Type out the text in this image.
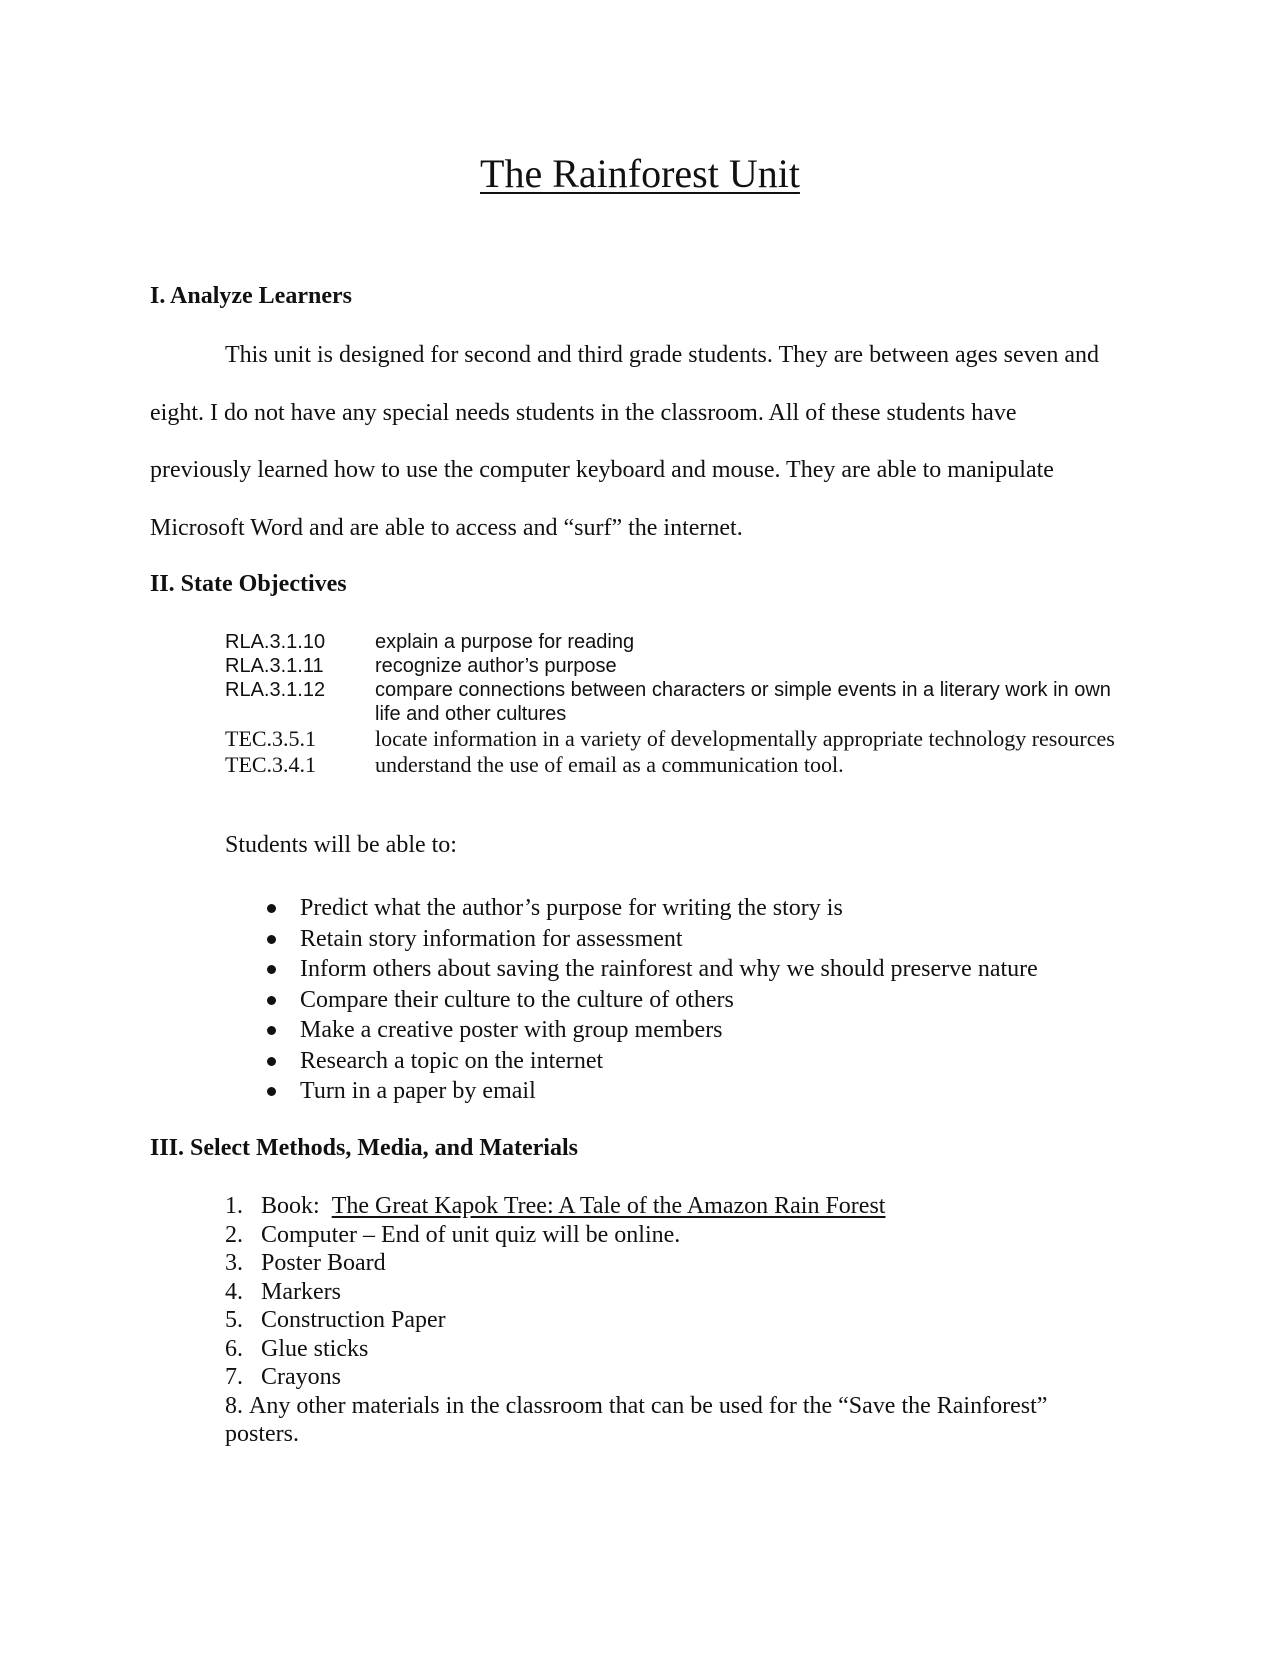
The Rainforest Unit
I. Analyze Learners
This unit is designed for second and third grade students. They are between ages seven and eight. I do not have any special needs students in the classroom. All of these students have previously learned how to use the computer keyboard and mouse. They are able to manipulate Microsoft Word and are able to access and “surf” the internet.
II. State Objectives
RLA.3.1.10	explain a purpose for reading
RLA.3.1.11	recognize author’s purpose
RLA.3.1.12	compare connections between characters or simple events in a literary work in own life and other cultures
TEC.3.5.1	locate information in a variety of developmentally appropriate technology resources
TEC.3.4.1	understand the use of email as a communication tool.
Students will be able to:
Predict what the author’s purpose for writing the story is
Retain story information for assessment
Inform others about saving the rainforest and why we should preserve nature
Compare their culture to the culture of others
Make a creative poster with group members
Research a topic on the internet
Turn in a paper by email
III. Select Methods, Media, and Materials
1. Book: The Great Kapok Tree: A Tale of the Amazon Rain Forest
2. Computer – End of unit quiz will be online.
3. Poster Board
4. Markers
5. Construction Paper
6. Glue sticks
7. Crayons
8. Any other materials in the classroom that can be used for the “Save the Rainforest” posters.
